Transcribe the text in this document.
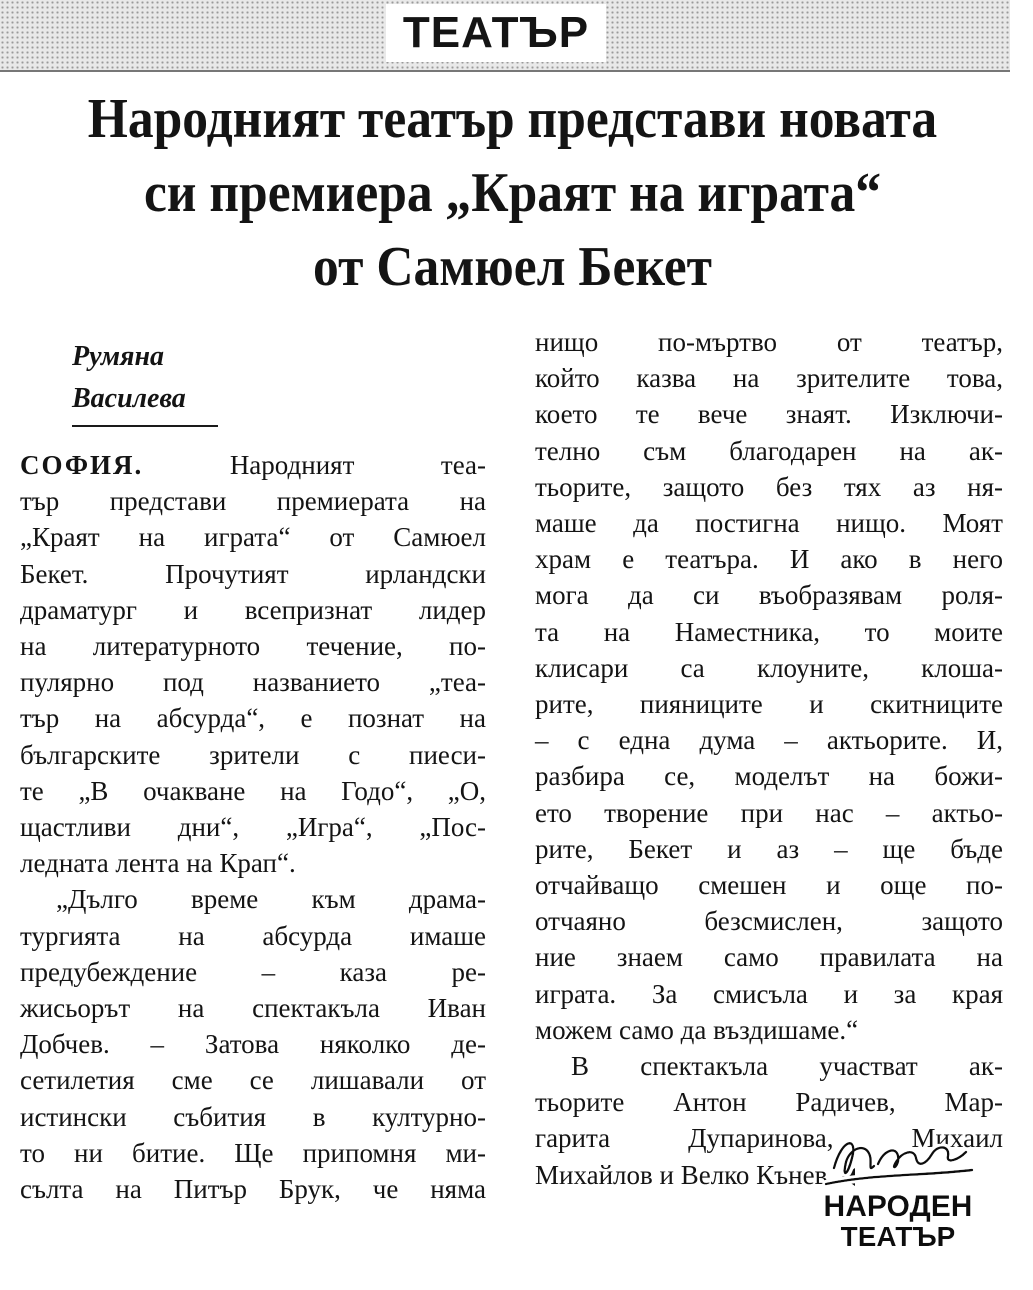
ТЕАТЪР
Народният театър представи новата
си премиера „Краят на играта“
от Самюел Бекет
Румяна
Василева
СОФИЯ.	Народният теа-
тър представи премиерата на
„Краят на играта“ от Самюел
Бекет. Прочутият ирландски
драматург и всепризнат лидер
на литературното течение, по-
пулярно под названието „теа-
тър на абсурда“, е познат на
българските зрители с пиеси-
те „В очакване на Годо“, „О,
щастливи дни“, „Игра“, „Пос-
ледната лента на Крап“.
„Дълго време към драма-
тургията на абсурда имаше
предубеждение – каза ре-
жисьорът на спектакъла Иван
Добчев. – Затова няколко де-
сетилетия сме се лишавали от
истински събития в културно-
то ни битие. Ще припомня ми-
сълта на Питър Брук, че няма
нищо по-мъртво от театър,
който казва на зрителите това,
което те вече знаят. Изключи-
телно съм благодарен на ак-
тьорите, защото без тях аз ня-
маше да постигна нищо. Моят
храм е театъра. И ако в него
мога да си въобразявам роля-
та на Наместника, то моите
клисари са клоуните, клоша-
рите, пияниците и скитниците
– с една дума – актьорите. И,
разбира се, моделът на божи-
ето творение при нас – актьо-
рите, Бекет и аз – ще бъде
отчайващо смешен и още по-
отчаяно безсмислен, защото
ние знаем само правилата на
играта. За смисъла и за края
можем само да въздишаме.“
В спектакъла участват ак-
тьорите Антон Радичев, Мар-
гарита Дупаринова, Михаил
Михайлов и Велко Кънев.
НАРОДЕН
ТЕАТЪР
